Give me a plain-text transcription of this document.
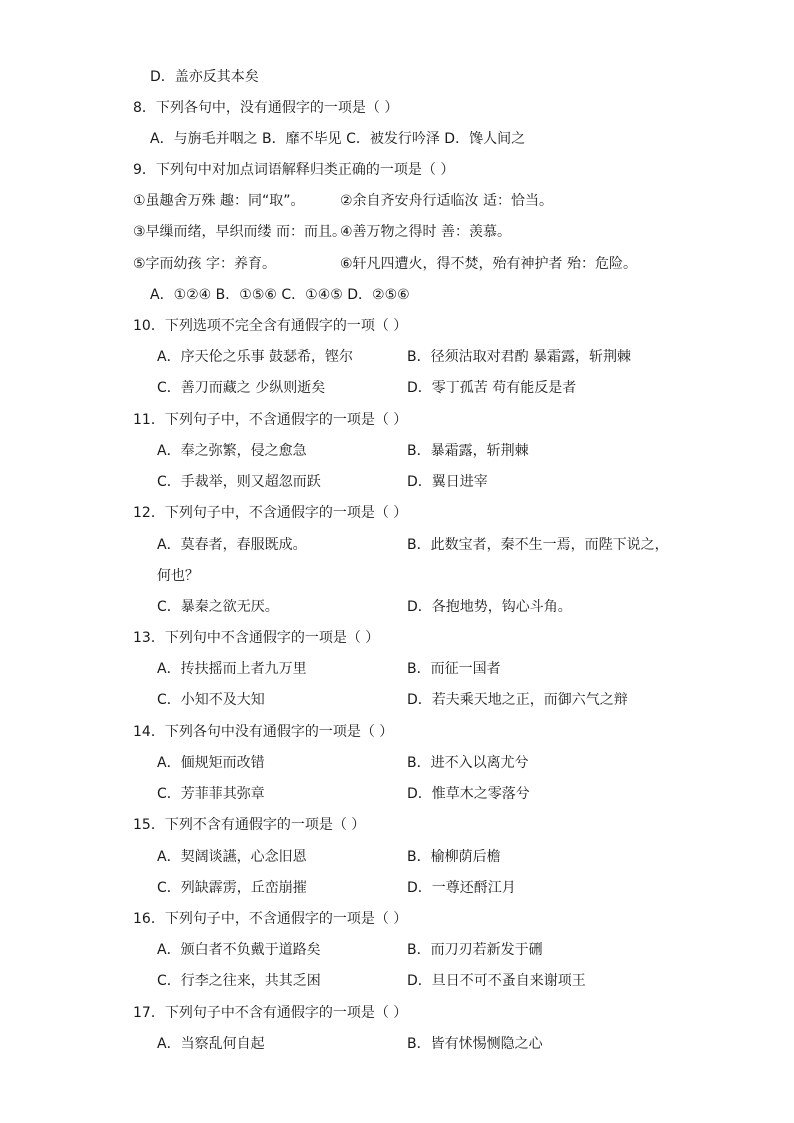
D．盖亦反其本矣
8．下列各句中，没有通假字的一项是（ ）
A．与旃毛并咽之 B．靡不毕见 C．被发行吟泽 D．馋人间之
9．下列句中对加点词语解释归类正确的一项是（ ）
①虽趣舍万殊 趣：同“取”。	②余自齐安舟行适临汝 适：恰当。
③早缫而绪，早织而缕 而：而且。
④善万物之得时 善：羡慕。
⑤字而幼孩 字：养育。	⑥轩凡四遭火，得不焚，殆有神护者 殆：危险。
A．①②④ B．①⑤⑥ C．①④⑤ D．②⑤⑥
10．下列选项不完全含有通假字的一项（ ）
A．序天伦之乐事 鼓瑟希，铿尔	B．径须沽取对君酌 暴霜露，斩荆棘
C．善刀而藏之 少纵则逝矣	D．零丁孤苦 苟有能反是者
11．下列句子中，不含通假字的一项是（ ）
A．奉之弥繁，侵之愈急	B．暴霜露，斩荆棘
C．手裁举，则又超忽而跃	D．翼日进宰
12．下列句子中，不含通假字的一项是（ ）
A．莫春者，春服既成。	B．此数宝者，秦不生一焉，而陛下说之，
何也？
C．暴秦之欲无厌。	D．各抱地势，钩心斗角。
13．下列句中不含通假字的一项是（ ）
A．抟扶摇而上者九万里	B．而征一国者
C．小知不及大知	D．若夫乘天地之正，而御六气之辩
14．下列各句中没有通假字的一项是（ ）
A．偭规矩而改错	B．进不入以离尤兮
C．芳菲菲其弥章	D．惟草木之零落兮
15．下列不含有通假字的一项是（ ）
A．契阔谈讌，心念旧恩	B．榆柳荫后檐
C．列缺霹雳，丘峦崩摧	D．一尊还酹江月
16．下列句子中，不含通假字的一项是（ ）
A．颁白者不负戴于道路矣	B．而刀刃若新发于硎
C．行李之往来，共其乏困	D．旦日不可不蚤自来谢项王
17．下列句子中不含有通假字的一项是（ ）
A．当察乱何自起	B．皆有怵惕恻隐之心
